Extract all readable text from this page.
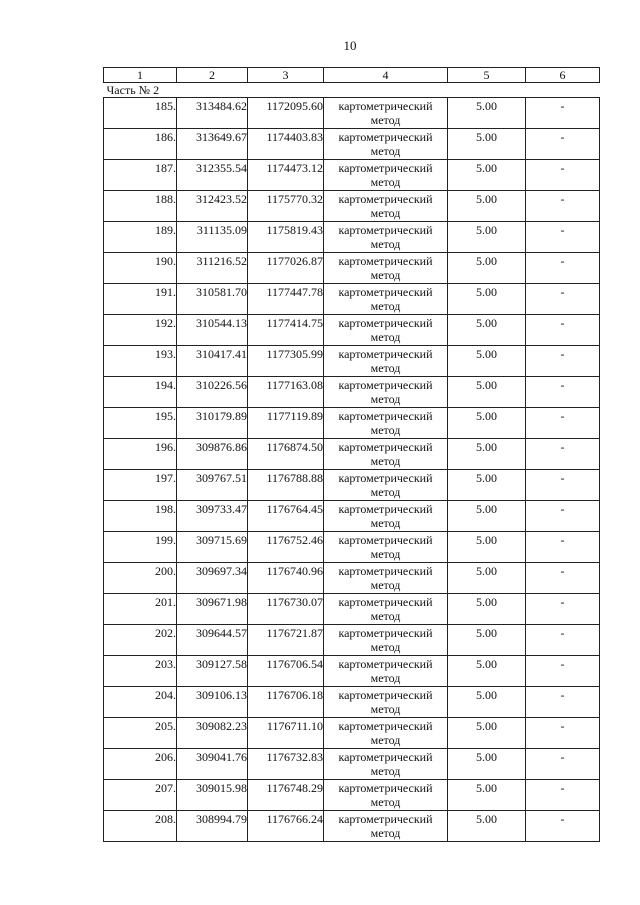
10
1	2	3	4	5	6
Часть № 2					
185.	313484.62	1172095.60	картометрический метод	5.00	-
186.	313649.67	1174403.83	картометрический метод	5.00	-
187.	312355.54	1174473.12	картометрический метод	5.00	-
188.	312423.52	1175770.32	картометрический метод	5.00	-
189.	311135.09	1175819.43	картометрический метод	5.00	-
190.	311216.52	1177026.87	картометрический метод	5.00	-
191.	310581.70	1177447.78	картометрический метод	5.00	-
192.	310544.13	1177414.75	картометрический метод	5.00	-
193.	310417.41	1177305.99	картометрический метод	5.00	-
194.	310226.56	1177163.08	картометрический метод	5.00	-
195.	310179.89	1177119.89	картометрический метод	5.00	-
196.	309876.86	1176874.50	картометрический метод	5.00	-
197.	309767.51	1176788.88	картометрический метод	5.00	-
198.	309733.47	1176764.45	картометрический метод	5.00	-
199.	309715.69	1176752.46	картометрический метод	5.00	-
200.	309697.34	1176740.96	картометрический метод	5.00	-
201.	309671.98	1176730.07	картометрический метод	5.00	-
202.	309644.57	1176721.87	картометрический метод	5.00	-
203.	309127.58	1176706.54	картометрический метод	5.00	-
204.	309106.13	1176706.18	картометрический метод	5.00	-
205.	309082.23	1176711.10	картометрический метод	5.00	-
206.	309041.76	1176732.83	картометрический метод	5.00	-
207.	309015.98	1176748.29	картометрический метод	5.00	-
208.	308994.79	1176766.24	картометрический метод	5.00	-
